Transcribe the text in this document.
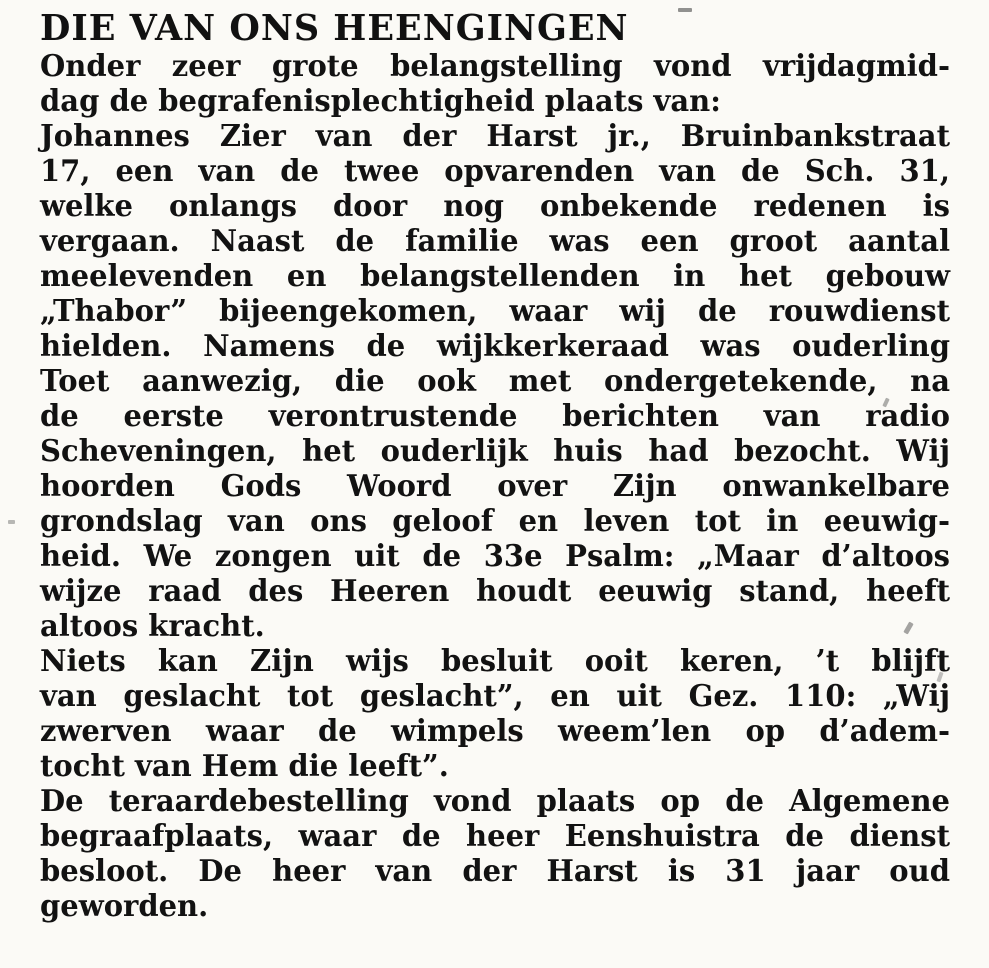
DIE VAN ONS HEENGINGEN
Onder zeer grote belangstelling vond vrijdagmid-
dag de begrafenisplechtigheid plaats van:
Johannes Zier van der Harst jr., Bruinbankstraat
17, een van de twee opvarenden van de Sch. 31,
welke onlangs door nog onbekende redenen is
vergaan. Naast de familie was een groot aantal
meelevenden en belangstellenden in het gebouw
„Thabor” bijeengekomen, waar wij de rouwdienst
hielden. Namens de wijkkerkeraad was ouderling
Toet aanwezig, die ook met ondergetekende, na
de eerste verontrustende berichten van radio
Scheveningen, het ouderlijk huis had bezocht. Wij
hoorden Gods Woord over Zijn onwankelbare
grondslag van ons geloof en leven tot in eeuwig-
heid. We zongen uit de 33e Psalm: „Maar d’altoos
wijze raad des Heeren houdt eeuwig stand, heeft
altoos kracht.
Niets kan Zijn wijs besluit ooit keren, ’t blijft
van geslacht tot geslacht”, en uit Gez. 110: „Wij
zwerven waar de wimpels weem’len op d’adem-
tocht van Hem die leeft”.
De teraardebestelling vond plaats op de Algemene
begraafplaats, waar de heer Eenshuistra de dienst
besloot. De heer van der Harst is 31 jaar oud
geworden.
